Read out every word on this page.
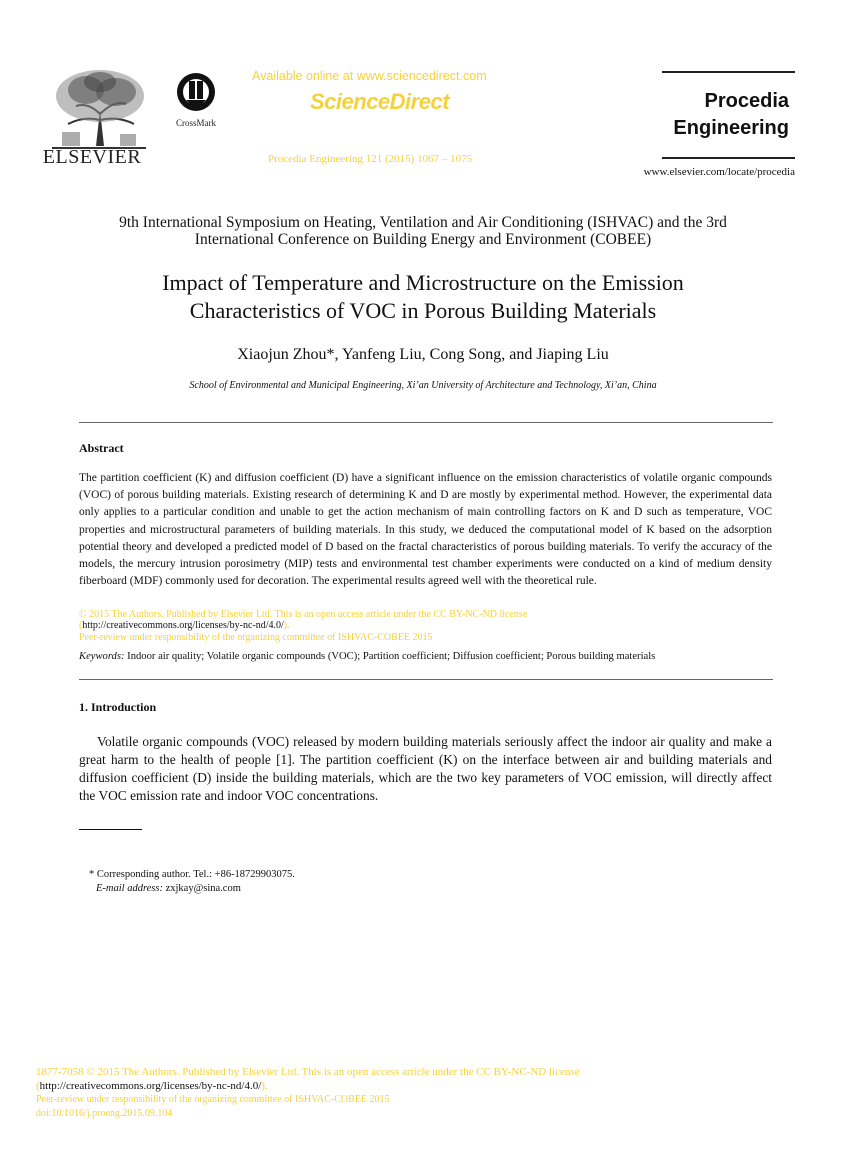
ELSEVIER
CrossMark
Available online at www.sciencedirect.com
ScienceDirect
Procedia Engineering 121 (2015) 1067 – 1075
Procedia
Engineering
www.elsevier.com/locate/procedia
9th International Symposium on Heating, Ventilation and Air Conditioning (ISHVAC) and the 3rd
International Conference on Building Energy and Environment (COBEE)
Impact of Temperature and Microstructure on the Emission
Characteristics of VOC in Porous Building Materials
Xiaojun Zhou*, Yanfeng Liu, Cong Song, and Jiaping Liu
School of Environmental and Municipal Engineering, Xi’an University of Architecture and Technology, Xi’an, China
Abstract
The partition coefficient (K) and diffusion coefficient (D) have a significant influence on the emission characteristics of volatile organic compounds (VOC) of porous building materials. Existing research of determining K and D are mostly by experimental method. However, the experimental data only applies to a particular condition and unable to get the action mechanism of main controlling factors on K and D such as temperature, VOC properties and microstructural parameters of building materials. In this study, we deduced the computational model of K based on the adsorption potential theory and developed a predicted model of D based on the fractal characteristics of porous building materials. To verify the accuracy of the models, the mercury intrusion porosimetry (MIP) tests and environmental test chamber experiments were conducted on a kind of medium density fiberboard (MDF) commonly used for decoration. The experimental results agreed well with the theoretical rule.
© 2015 The Authors. Published by Elsevier Ltd. This is an open access article under the CC BY-NC-ND license
(http://creativecommons.org/licenses/by-nc-nd/4.0/).
Peer-review under responsibility of the organizing committee of ISHVAC-COBEE 2015
Keywords: Indoor air quality; Volatile organic compounds (VOC); Partition coefficient; Diffusion coefficient; Porous building materials
1. Introduction
Volatile organic compounds (VOC) released by modern building materials seriously affect the indoor air quality and make a great harm to the health of people [1]. The partition coefficient (K) on the interface between air and building materials and diffusion coefficient (D) inside the building materials, which are the two key parameters of VOC emission, will directly affect the VOC emission rate and indoor VOC concentrations.
* Corresponding author. Tel.: +86-18729903075.
E-mail address: zxjkay@sina.com
1877-7058 © 2015 The Authors. Published by Elsevier Ltd. This is an open access article under the CC BY-NC-ND license
(http://creativecommons.org/licenses/by-nc-nd/4.0/).
Peer-review under responsibility of the organizing committee of ISHVAC-COBEE 2015
doi:10.1016/j.proeng.2015.09.104
